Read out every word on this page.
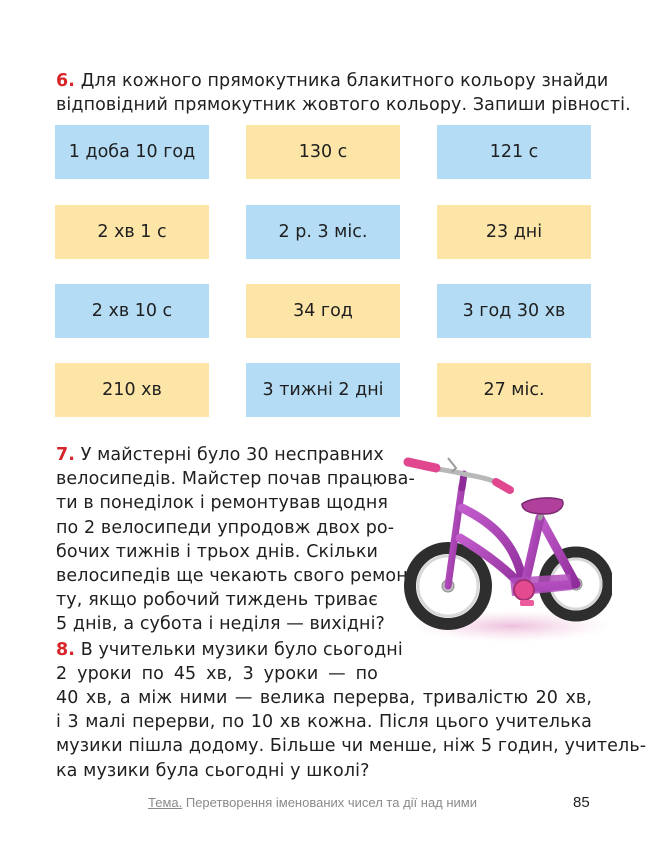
6. Для кожного прямокутника блакитного кольору знайди
відповідний прямокутник жовтого кольору. Запиши рівності.
1 доба 10 год	130 с	121 с
2 хв 1 с	2 р. 3 міс.	23 дні
2 хв 10 с	34 год	3 год 30 хв
210 хв	3 тижні 2 дні	27 міс.
7. У майстерні було 30 несправних
велосипедів. Майстер почав працюва-
ти в понеділок і ремонтував щодня
по 2 велосипеди упродовж двох ро-
бочих тижнів і трьох днів. Скільки
велосипедів ще чекають свого ремон-
ту, якщо робочий тиждень триває
5 днів, а субота і неділя — вихідні?
8. В учительки музики було сьогодні
2 уроки по 45 хв, 3 уроки — по
40 хв, а між ними — велика перерва, тривалістю 20 хв,
і 3 малі перерви, по 10 хв кожна. Після цього учителька
музики пішла додому. Більше чи менше, ніж 5 годин, учитель-
ка музики була сьогодні у школі?
Тема. Перетворення іменованих чисел та дії над ними	85
